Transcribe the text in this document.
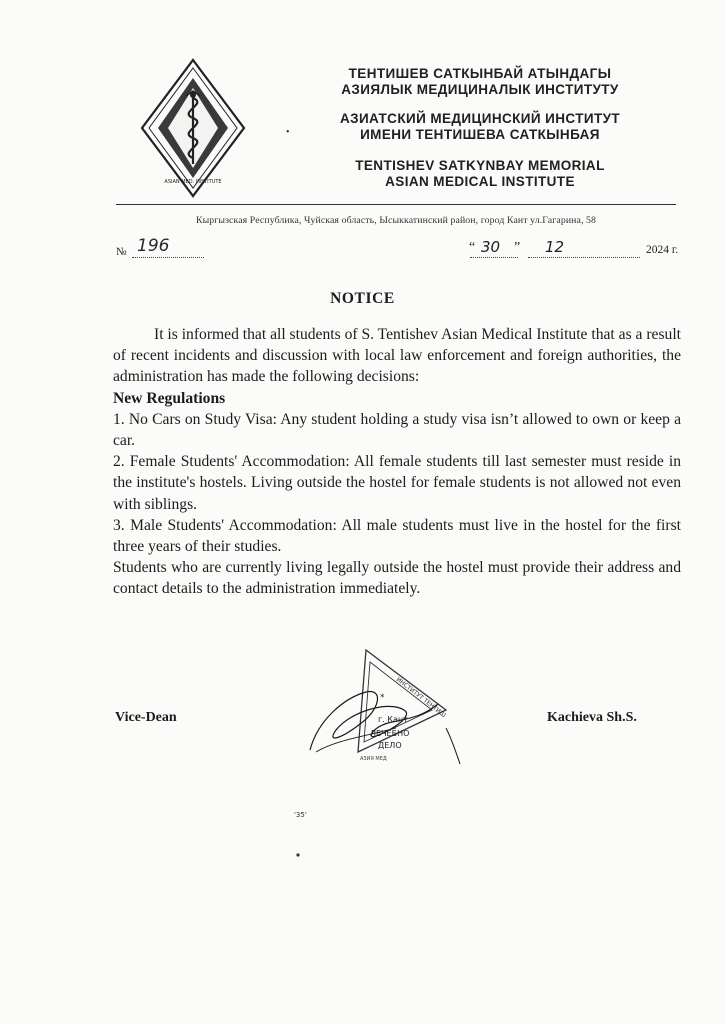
ASIAN MED. INSTITUTE
ТЕНТИШЕВ САТКЫНБАЙ АТЫНДАГЫ
АЗИЯЛЫК МЕДИЦИНАЛЫК ИНСТИТУТУ
•
АЗИАТСКИЙ МЕДИЦИНСКИЙ ИНСТИТУТ
ИМЕНИ ТЕНТИШЕВА САТКЫНБАЯ
TENTISHEV SATKYNBAY MEMORIAL
ASIAN MEDICAL INSTITUTE
Кыргызская Республика, Чуйская область, Ысыккатинский район, город Кант ул.Гагарина, 58
№ 196	“ 30 ” 12	2024 г.
NOTICE

It is informed that all students of S. Tentishev Asian Medical Institute that as a result of recent incidents and discussion with local law enforcement and foreign authorities, the administration has made the following decisions:

New Regulations

1. No Cars on Study Visa: Any student holding a study visa isn’t allowed to own or keep a car.

2. Female Students' Accommodation: All female students till last semester must reside in the institute's hostels. Living outside the hostel for female students is not allowed not even with siblings.

3. Male Students' Accommodation: All male students must live in the hostel for the first three years of their studies.

Students who are currently living legally outside the hostel must provide their address and contact details to the administration immediately.

Vice-Dean	ИНСТИТУТ ТЕНТИШ
г. Кант
ЛЕЧЕБНО
ДЕЛО
АЗИЯ МЕД
*
Kachieva Sh.S.
'35'
